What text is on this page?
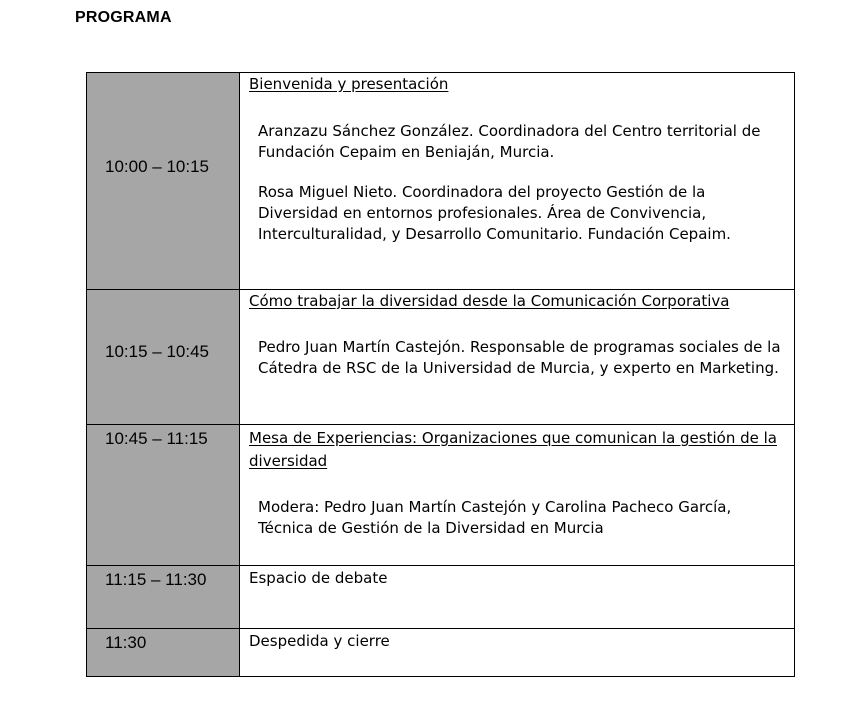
PROGRAMA
10:00 – 10:15	Bienvenida y presentación
Aranzazu Sánchez González. Coordinadora del Centro territorial de Fundación Cepaim en Beniaján, Murcia.
Rosa Miguel Nieto. Coordinadora del proyecto Gestión de la Diversidad en entornos profesionales. Área de Convivencia, Interculturalidad, y Desarrollo Comunitario. Fundación Cepaim.

10:15 – 10:45	Cómo trabajar la diversidad desde la Comunicación Corporativa
Pedro Juan Martín Castejón. Responsable de programas sociales de la Cátedra de RSC de la Universidad de Murcia, y experto en Marketing.

10:45 – 11:15	Mesa de Experiencias: Organizaciones que comunican la gestión de la diversidad
Modera: Pedro Juan Martín Castejón y Carolina Pacheco García, Técnica de Gestión de la Diversidad en Murcia

11:15 – 11:30	Espacio de debate

11:30	Despedida y cierre
